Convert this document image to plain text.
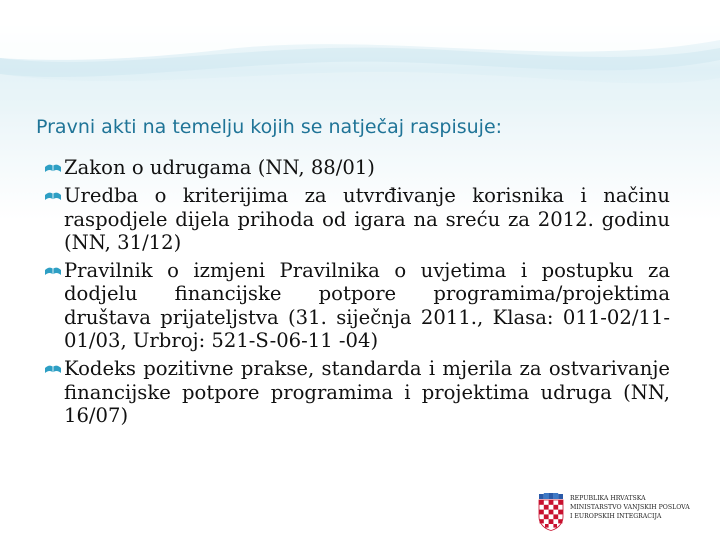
Pravni akti na temelju kojih se natječaj raspisuje:
Zakon o udrugama (NN, 88/01)
Uredba o kriterijima za utvrđivanje korisnika i načinu raspodjele dijela prihoda od igara na sreću za 2012. godinu (NN, 31/12)
Pravilnik o izmjeni Pravilnika o uvjetima i postupku za dodjelu financijske potpore programima/projektima društava prijateljstva (31. siječnja 2011., Klasa: 011-02/11-01/03, Urbroj: 521-S-06-11 -04)
Kodeks pozitivne prakse, standarda i mjerila za ostvarivanje financijske potpore programima i projektima udruga (NN, 16/07)
REPUBLIKA HRVATSKA
MINISTARSTVO VANJSKIH POSLOVA
I EUROPSKIH INTEGRACIJA
